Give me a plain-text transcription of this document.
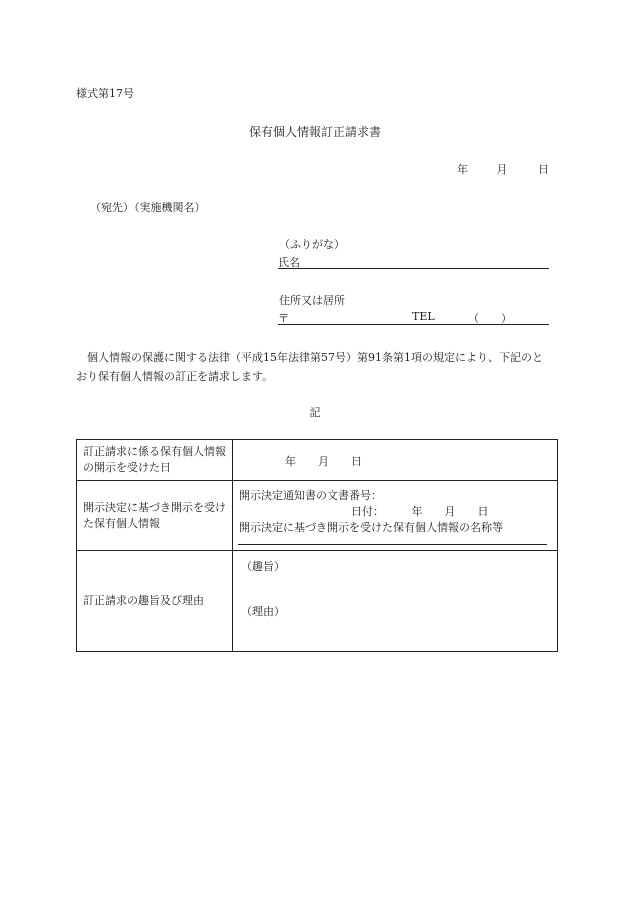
様式第17号
保有個人情報訂正請求書
年	月	日
（宛先）（実施機関名）
（ふりがな）
氏名
住所又は居所
〒	TEL	（　　）
個人情報の保護に関する法律（平成15年法律第57号）第91条第1項の規定により、下記のと
おり保有個人情報の訂正を請求します。
記
訂正請求に係る保有個人情報の開示を受けた日	年　　月　　日

開示決定に基づき開示を受けた保有個人情報	開示決定通知書の文書番号：
日付：　　　年　　月　　日
開示決定に基づき開示を受けた保有個人情報の名称等

訂正請求の趣旨及び理由	（趣旨）
（理由）
